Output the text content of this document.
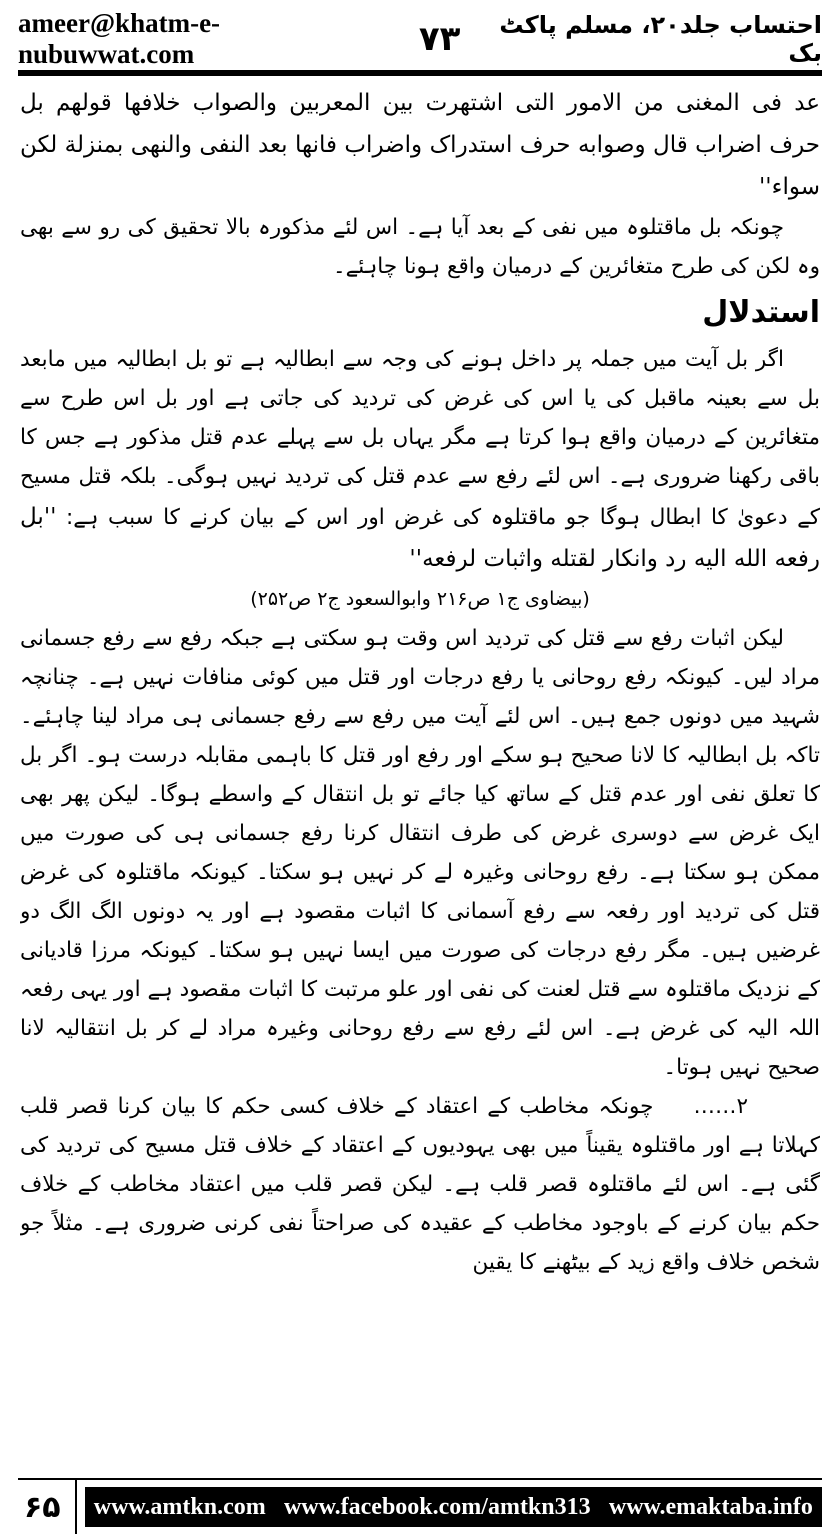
ameer@khatm-e-nubuwwat.com	۷۳	احتساب جلد۲۰، مسلم پاکٹ بک

عد فی المغنی من الامور التی اشتهرت بین المعربین والصواب خلافها قولهم بل حرف اضراب قال وصوابه حرف استدراک واضراب فانها بعد النفی والنهی بمنزلة لکن سواء''

چونکہ بل ماقتلوہ میں نفی کے بعد آیا ہے۔ اس لئے مذکورہ بالا تحقیق کی رو سے بھی وہ لکن کی طرح متغائرین کے درمیان واقع ہونا چاہئے۔

استدلال

اگر بل آیت میں جملہ پر داخل ہونے کی وجہ سے ابطالیہ ہے تو بل ابطالیہ میں مابعد بل سے بعینہ ماقبل کی یا اس کی غرض کی تردید کی جاتی ہے اور بل اس طرح سے متغائرین کے درمیان واقع ہوا کرتا ہے مگر یہاں بل سے پہلے عدم قتل مذکور ہے جس کا باقی رکھنا ضروری ہے۔ اس لئے رفع سے عدم قتل کی تردید نہیں ہوگی۔ بلکہ قتل مسیح کے دعویٰ کا ابطال ہوگا جو ماقتلوہ کی غرض اور اس کے بیان کرنے کا سبب ہے: ''بل رفعه الله الیه رد وانکار لقتله واثبات لرفعه''

(بیضاوی ج۱ ص۲۱۶ وابوالسعود ج۲ ص۲۵۲)

لیکن اثبات رفع سے قتل کی تردید اس وقت ہو سکتی ہے جبکہ رفع سے رفع جسمانی مراد لیں۔ کیونکہ رفع روحانی یا رفع درجات اور قتل میں کوئی منافات نہیں ہے۔ چنانچہ شہید میں دونوں جمع ہیں۔ اس لئے آیت میں رفع سے رفع جسمانی ہی مراد لینا چاہئے۔ تاکہ بل ابطالیہ کا لانا صحیح ہو سکے اور رفع اور قتل کا باہمی مقابلہ درست ہو۔ اگر بل کا تعلق نفی اور عدم قتل کے ساتھ کیا جائے تو بل انتقال کے واسطے ہوگا۔ لیکن پھر بھی ایک غرض سے دوسری غرض کی طرف انتقال کرنا رفع جسمانی ہی کی صورت میں ممکن ہو سکتا ہے۔ رفع روحانی وغیرہ لے کر نہیں ہو سکتا۔ کیونکہ ماقتلوہ کی غرض قتل کی تردید اور رفعہ سے رفع آسمانی کا اثبات مقصود ہے اور یہ دونوں الگ الگ دو غرضیں ہیں۔ مگر رفع درجات کی صورت میں ایسا نہیں ہو سکتا۔ کیونکہ مرزا قادیانی کے نزدیک ماقتلوہ سے قتل لعنت کی نفی اور علو مرتبت کا اثبات مقصود ہے اور یہی رفعہ اللہ الیہ کی غرض ہے۔ اس لئے رفع سے رفع روحانی وغیرہ مراد لے کر بل انتقالیہ لانا صحیح نہیں ہوتا۔

۲……چونکہ مخاطب کے اعتقاد کے خلاف کسی حکم کا بیان کرنا قصر قلب کہلاتا ہے اور ماقتلوہ یقیناً میں بھی یہودیوں کے اعتقاد کے خلاف قتل مسیح کی تردید کی گئی ہے۔ اس لئے ماقتلوہ قصر قلب ہے۔ لیکن قصر قلب میں اعتقاد مخاطب کے خلاف حکم بیان کرنے کے باوجود مخاطب کے عقیدہ کی صراحتاً نفی کرنی ضروری ہے۔ مثلاً جو شخص خلاف واقع زید کے بیٹھنے کا یقین

۶۵	www.amtkn.com www.facebook.com/amtkn313 www.emaktaba.info
